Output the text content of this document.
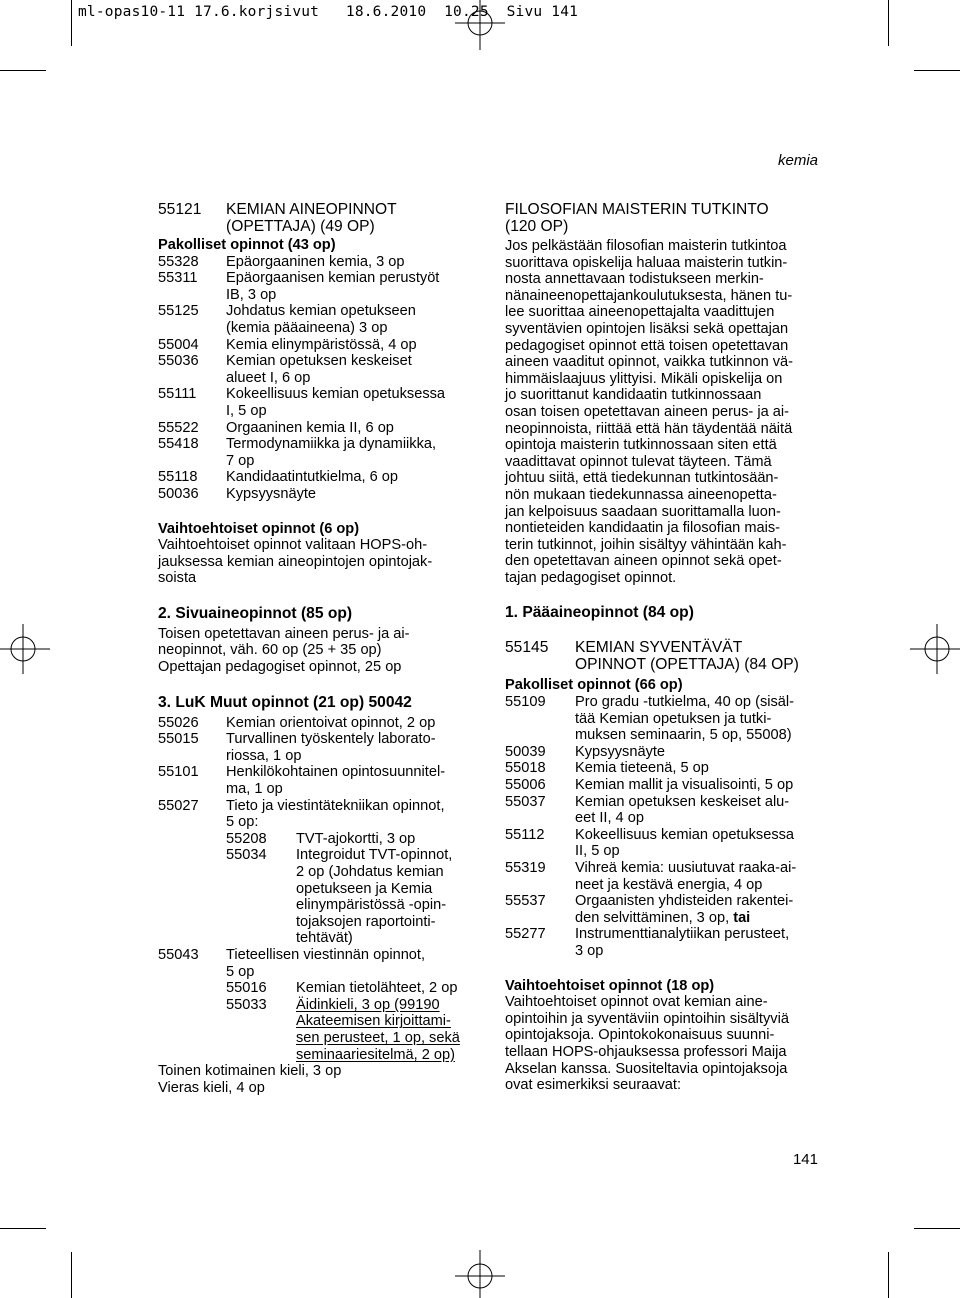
ml-opas10-11 17.6.korjsivut   18.6.2010  10.25  Sivu 141
kemia
55121	KEMIAN AINEOPINNOT
(OPETTAJA) (49 OP)
Pakolliset opinnot (43 op)
55328	Epäorgaaninen kemia, 3 op
55311	Epäorgaanisen kemian perustyöt
IB, 3 op
55125	Johdatus kemian opetukseen
(kemia pääaineena) 3 op
55004	Kemia elinympäristössä, 4 op
55036	Kemian opetuksen keskeiset
alueet I, 6 op
55111	Kokeellisuus kemian opetuksessa
I, 5 op
55522	Orgaaninen kemia II, 6 op
55418	Termodynamiikka ja dynamiikka,
7 op
55118	Kandidaatintutkielma, 6 op
50036	Kypsyysnäyte
Vaihtoehtoiset opinnot (6 op)
Vaihtoehtoiset opinnot valitaan HOPS-oh-
jauksessa kemian aineopintojen opintojak-
soista
2. Sivuaineopinnot (85 op)
Toisen opetettavan aineen perus- ja ai-
neopinnot, väh. 60 op (25 + 35 op)
Opettajan pedagogiset opinnot, 25 op
3. LuK Muut opinnot (21 op) 50042
55026	Kemian orientoivat opinnot, 2 op
55015	Turvallinen työskentely laborato-
riossa, 1 op
55101	Henkilökohtainen opintosuunnitel-
ma, 1 op
55027	Tieto ja viestintätekniikan opinnot,
5 op:
55208	TVT-ajokortti, 3 op
55034	Integroidut TVT-opinnot,
2 op (Johdatus kemian
opetukseen ja Kemia
elinympäristössä -opin-
tojaksojen raportointi-
tehtävät)
55043	Tieteellisen viestinnän opinnot,
5 op
55016	Kemian tietolähteet, 2 op
55033	Äidinkieli, 3 op (99190
Akateemisen kirjoittami-
sen perusteet, 1 op, sekä
seminaariesitelmä, 2 op)
Toinen kotimainen kieli, 3 op
Vieras kieli, 4 op
FILOSOFIAN MAISTERIN TUTKINTO
(120 OP)
Jos pelkästään filosofian maisterin tutkintoa
suorittava opiskelija haluaa maisterin tutkin-
nosta annettavaan todistukseen merkin-
nänaineenopettajankoulutuksesta, hänen tu-
lee suorittaa aineenopettajalta vaadittujen
syventävien opintojen lisäksi sekä opettajan
pedagogiset opinnot että toisen opetettavan
aineen vaaditut opinnot, vaikka tutkinnon vä-
himmäislaajuus ylittyisi. Mikäli opiskelija on
jo suorittanut kandidaatin tutkinnossaan
osan toisen opetettavan aineen perus- ja ai-
neopinnoista, riittää että hän täydentää näitä
opintoja maisterin tutkinnossaan siten että
vaadittavat opinnot tulevat täyteen. Tämä
johtuu siitä, että tiedekunnan tutkintosään-
nön mukaan tiedekunnassa aineenopetta-
jan kelpoisuus saadaan suorittamalla luon-
nontieteiden kandidaatin ja filosofian mais-
terin tutkinnot, joihin sisältyy vähintään kah-
den opetettavan aineen opinnot sekä opet-
tajan pedagogiset opinnot.
1. Pääaineopinnot (84 op)
55145	KEMIAN SYVENTÄVÄT
OPINNOT (OPETTAJA) (84 OP)
Pakolliset opinnot (66 op)
55109	Pro gradu -tutkielma, 40 op (sisäl-
tää Kemian opetuksen ja tutki-
muksen seminaarin, 5 op, 55008)
50039	Kypsyysnäyte
55018	Kemia tieteenä, 5 op
55006	Kemian mallit ja visualisointi, 5 op
55037	Kemian opetuksen keskeiset alu-
eet II, 4 op
55112	Kokeellisuus kemian opetuksessa
II, 5 op
55319	Vihreä kemia: uusiutuvat raaka-ai-
neet ja kestävä energia, 4 op
55537	Orgaanisten yhdisteiden rakentei-
den selvittäminen, 3 op, tai
55277	Instrumenttianalytiikan perusteet,
3 op
Vaihtoehtoiset opinnot (18 op)
Vaihtoehtoiset opinnot ovat kemian aine-
opintoihin ja syventäviin opintoihin sisältyviä
opintojaksoja. Opintokokonaisuus suunni-
tellaan HOPS-ohjauksessa professori Maija
Akselan kanssa. Suositeltavia opintojaksoja
ovat esimerkiksi seuraavat:
141
